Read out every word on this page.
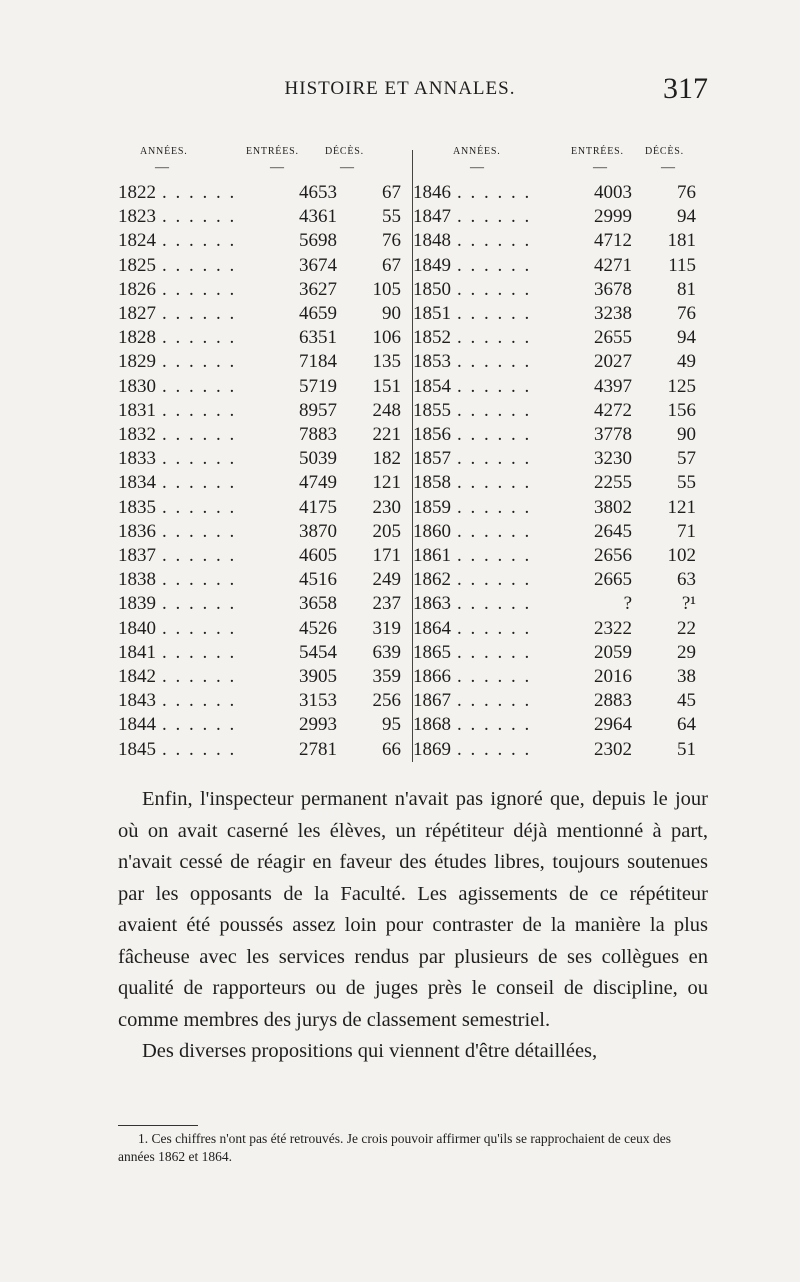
HISTOIRE ET ANNALES.	317
ANNÉES.	ENTRÉES.	DÉCÈS.
—	—	—
1822 . . . . . .	4653 67
1823 . . . . . .	4361 55
1824 . . . . . .	5698 76
1825 . . . . . .	3674 67
1826 . . . . . .	3627 105
1827 . . . . . .	4659 90
1828 . . . . . .	6351 106
1829 . . . . . .	7184 135
1830 . . . . . .	5719 151
1831 . . . . . .	8957 248
1832 . . . . . .	7883 221
1833 . . . . . .	5039 182
1834 . . . . . .	4749 121
1835 . . . . . .	4175 230
1836 . . . . . .	3870 205
1837 . . . . . .	4605 171
1838 . . . . . .	4516 249
1839 . . . . . .	3658 237
1840 . . . . . .	4526 319
1841 . . . . . .	5454 639
1842 . . . . . .	3905 359
1843 . . . . . .	3153 256
1844 . . . . . .	2993 95
1845 . . . . . .	2781 66
ANNÉES.	ENTRÉES. DÉCÈS.
—	—	—
1846 . . . . . .	4003 76
1847 . . . . . .	2999 94
1848 . . . . . .	4712 181
1849 . . . . . .	4271 115
1850 . . . . . .	3678 81
1851 . . . . . .	3238 76
1852 . . . . . .	2655 94
1853 . . . . . .	2027 49
1854 . . . . . .	4397 125
1855 . . . . . .	4272 156
1856 . . . . . .	3778 90
1857 . . . . . .	3230 57
1858 . . . . . .	2255 55
1859 . . . . . .	3802 121
1860 . . . . . .	2645 71
1861 . . . . . .	2656 102
1862 . . . . . .	2665 63
1863 . . . . . .	?	?¹
1864 . . . . . .	2322 22
1865 . . . . . .	2059 29
1866 . . . . . .	2016 38
1867 . . . . . .	2883 45
1868 . . . . . .	2964 64
1869 . . . . . .	2302 51

Enfin, l'inspecteur permanent n'avait pas ignoré que, depuis le jour où on avait caserné les élèves, un répétiteur déjà mentionné à part, n'avait cessé de réagir en faveur des études libres, toujours soutenues par les opposants de la Faculté. Les agissements de ce répétiteur avaient été poussés assez loin pour contraster de la manière la plus fâcheuse avec les services rendus par plusieurs de ses collègues en qualité de rapporteurs ou de juges près le conseil de discipline, ou comme membres des jurys de classement semestriel.

Des diverses propositions qui viennent d'être détaillées,

1. Ces chiffres n'ont pas été retrouvés. Je crois pouvoir affirmer qu'ils se rapprochaient de ceux des années 1862 et 1864.
